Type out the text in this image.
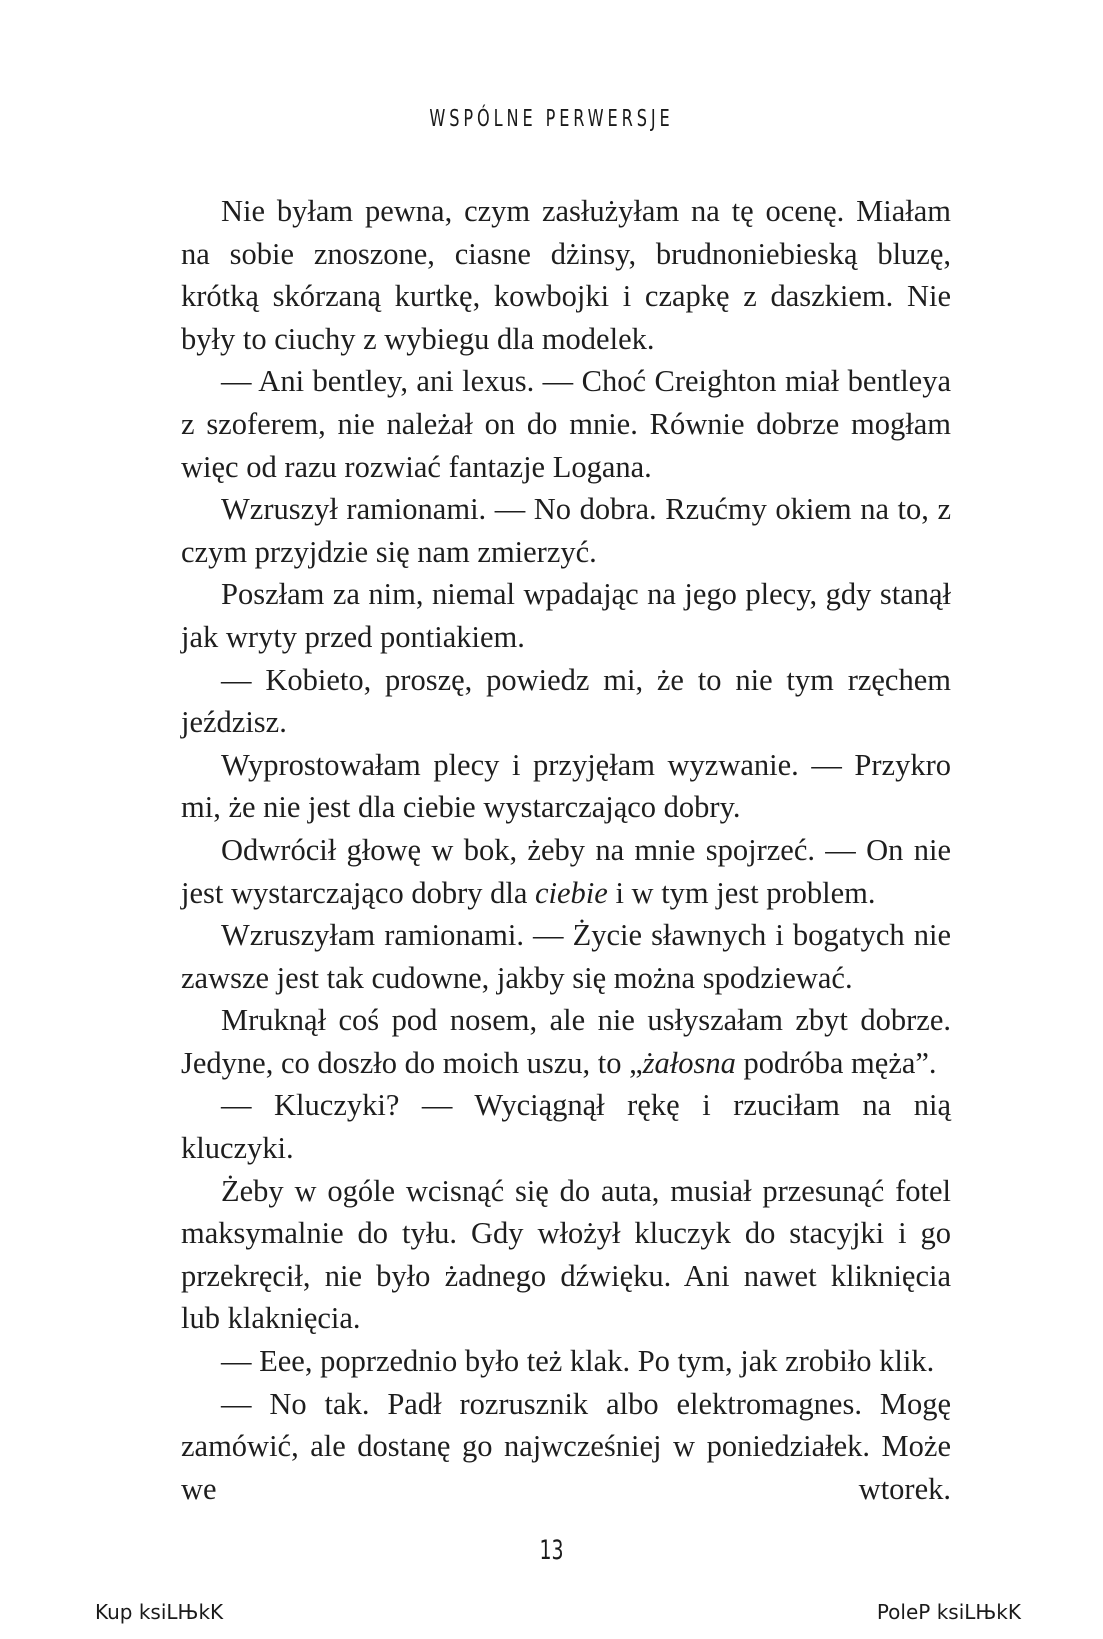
WSPÓLNE PERWERSJE

Nie byłam pewna, czym zasłużyłam na tę ocenę. Miałam na sobie znoszone, ciasne dżinsy, brudnoniebieską bluzę, krótką skórzaną kurtkę, kowbojki i czapkę z daszkiem. Nie były to ciuchy z wybiegu dla modelek.

— Ani bentley, ani lexus. — Choć Creighton miał bentleya z szoferem, nie należał on do mnie. Równie dobrze mogłam więc od razu rozwiać fantazje Logana.

Wzruszył ramionami. — No dobra. Rzućmy okiem na to, z czym przyjdzie się nam zmierzyć.

Poszłam za nim, niemal wpadając na jego plecy, gdy stanął jak wryty przed pontiakiem.

— Kobieto, proszę, powiedz mi, że to nie tym rzęchem jeździsz.

Wyprostowałam plecy i przyjęłam wyzwanie. — Przykro mi, że nie jest dla ciebie wystarczająco dobry.

Odwrócił głowę w bok, żeby na mnie spojrzeć. — On nie jest wystarczająco dobry dla ciebie i w tym jest problem.

Wzruszyłam ramionami. — Życie sławnych i bogatych nie zawsze jest tak cudowne, jakby się można spodziewać.

Mruknął coś pod nosem, ale nie usłyszałam zbyt dobrze. Jedyne, co doszło do moich uszu, to „żałosna podróba męża”.

— Kluczyki? — Wyciągnął rękę i rzuciłam na nią kluczyki.

Żeby w ogóle wcisnąć się do auta, musiał przesunąć fotel maksymalnie do tyłu. Gdy włożył kluczyk do stacyjki i go przekręcił, nie było żadnego dźwięku. Ani nawet kliknięcia lub klaknięcia.

— Eee, poprzednio było też klak. Po tym, jak zrobiło klik.

— No tak. Padł rozrusznik albo elektromagnes. Mogę zamówić, ale dostanę go najwcześniej w poniedziałek. Może we wtorek.

13
Kup ksiLЊkK	PoleP ksiLЊkK
